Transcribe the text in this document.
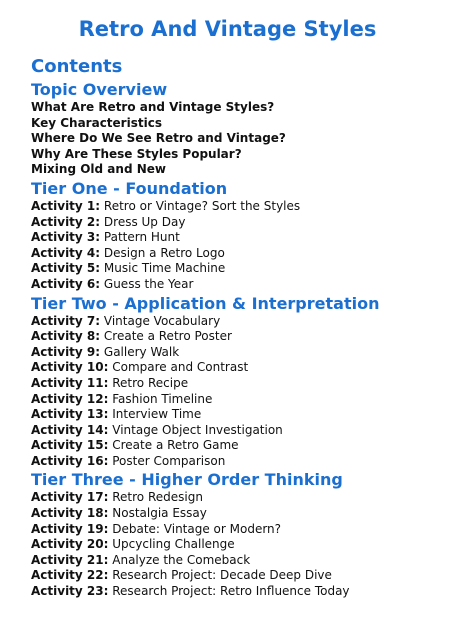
Retro And Vintage Styles
Contents
Topic Overview
What Are Retro and Vintage Styles?
Key Characteristics
Where Do We See Retro and Vintage?
Why Are These Styles Popular?
Mixing Old and New
Tier One - Foundation
Activity 1: Retro or Vintage? Sort the Styles
Activity 2: Dress Up Day
Activity 3: Pattern Hunt
Activity 4: Design a Retro Logo
Activity 5: Music Time Machine
Activity 6: Guess the Year
Tier Two - Application & Interpretation
Activity 7: Vintage Vocabulary
Activity 8: Create a Retro Poster
Activity 9: Gallery Walk
Activity 10: Compare and Contrast
Activity 11: Retro Recipe
Activity 12: Fashion Timeline
Activity 13: Interview Time
Activity 14: Vintage Object Investigation
Activity 15: Create a Retro Game
Activity 16: Poster Comparison
Tier Three - Higher Order Thinking
Activity 17: Retro Redesign
Activity 18: Nostalgia Essay
Activity 19: Debate: Vintage or Modern?
Activity 20: Upcycling Challenge
Activity 21: Analyze the Comeback
Activity 22: Research Project: Decade Deep Dive
Activity 23: Research Project: Retro Influence Today
